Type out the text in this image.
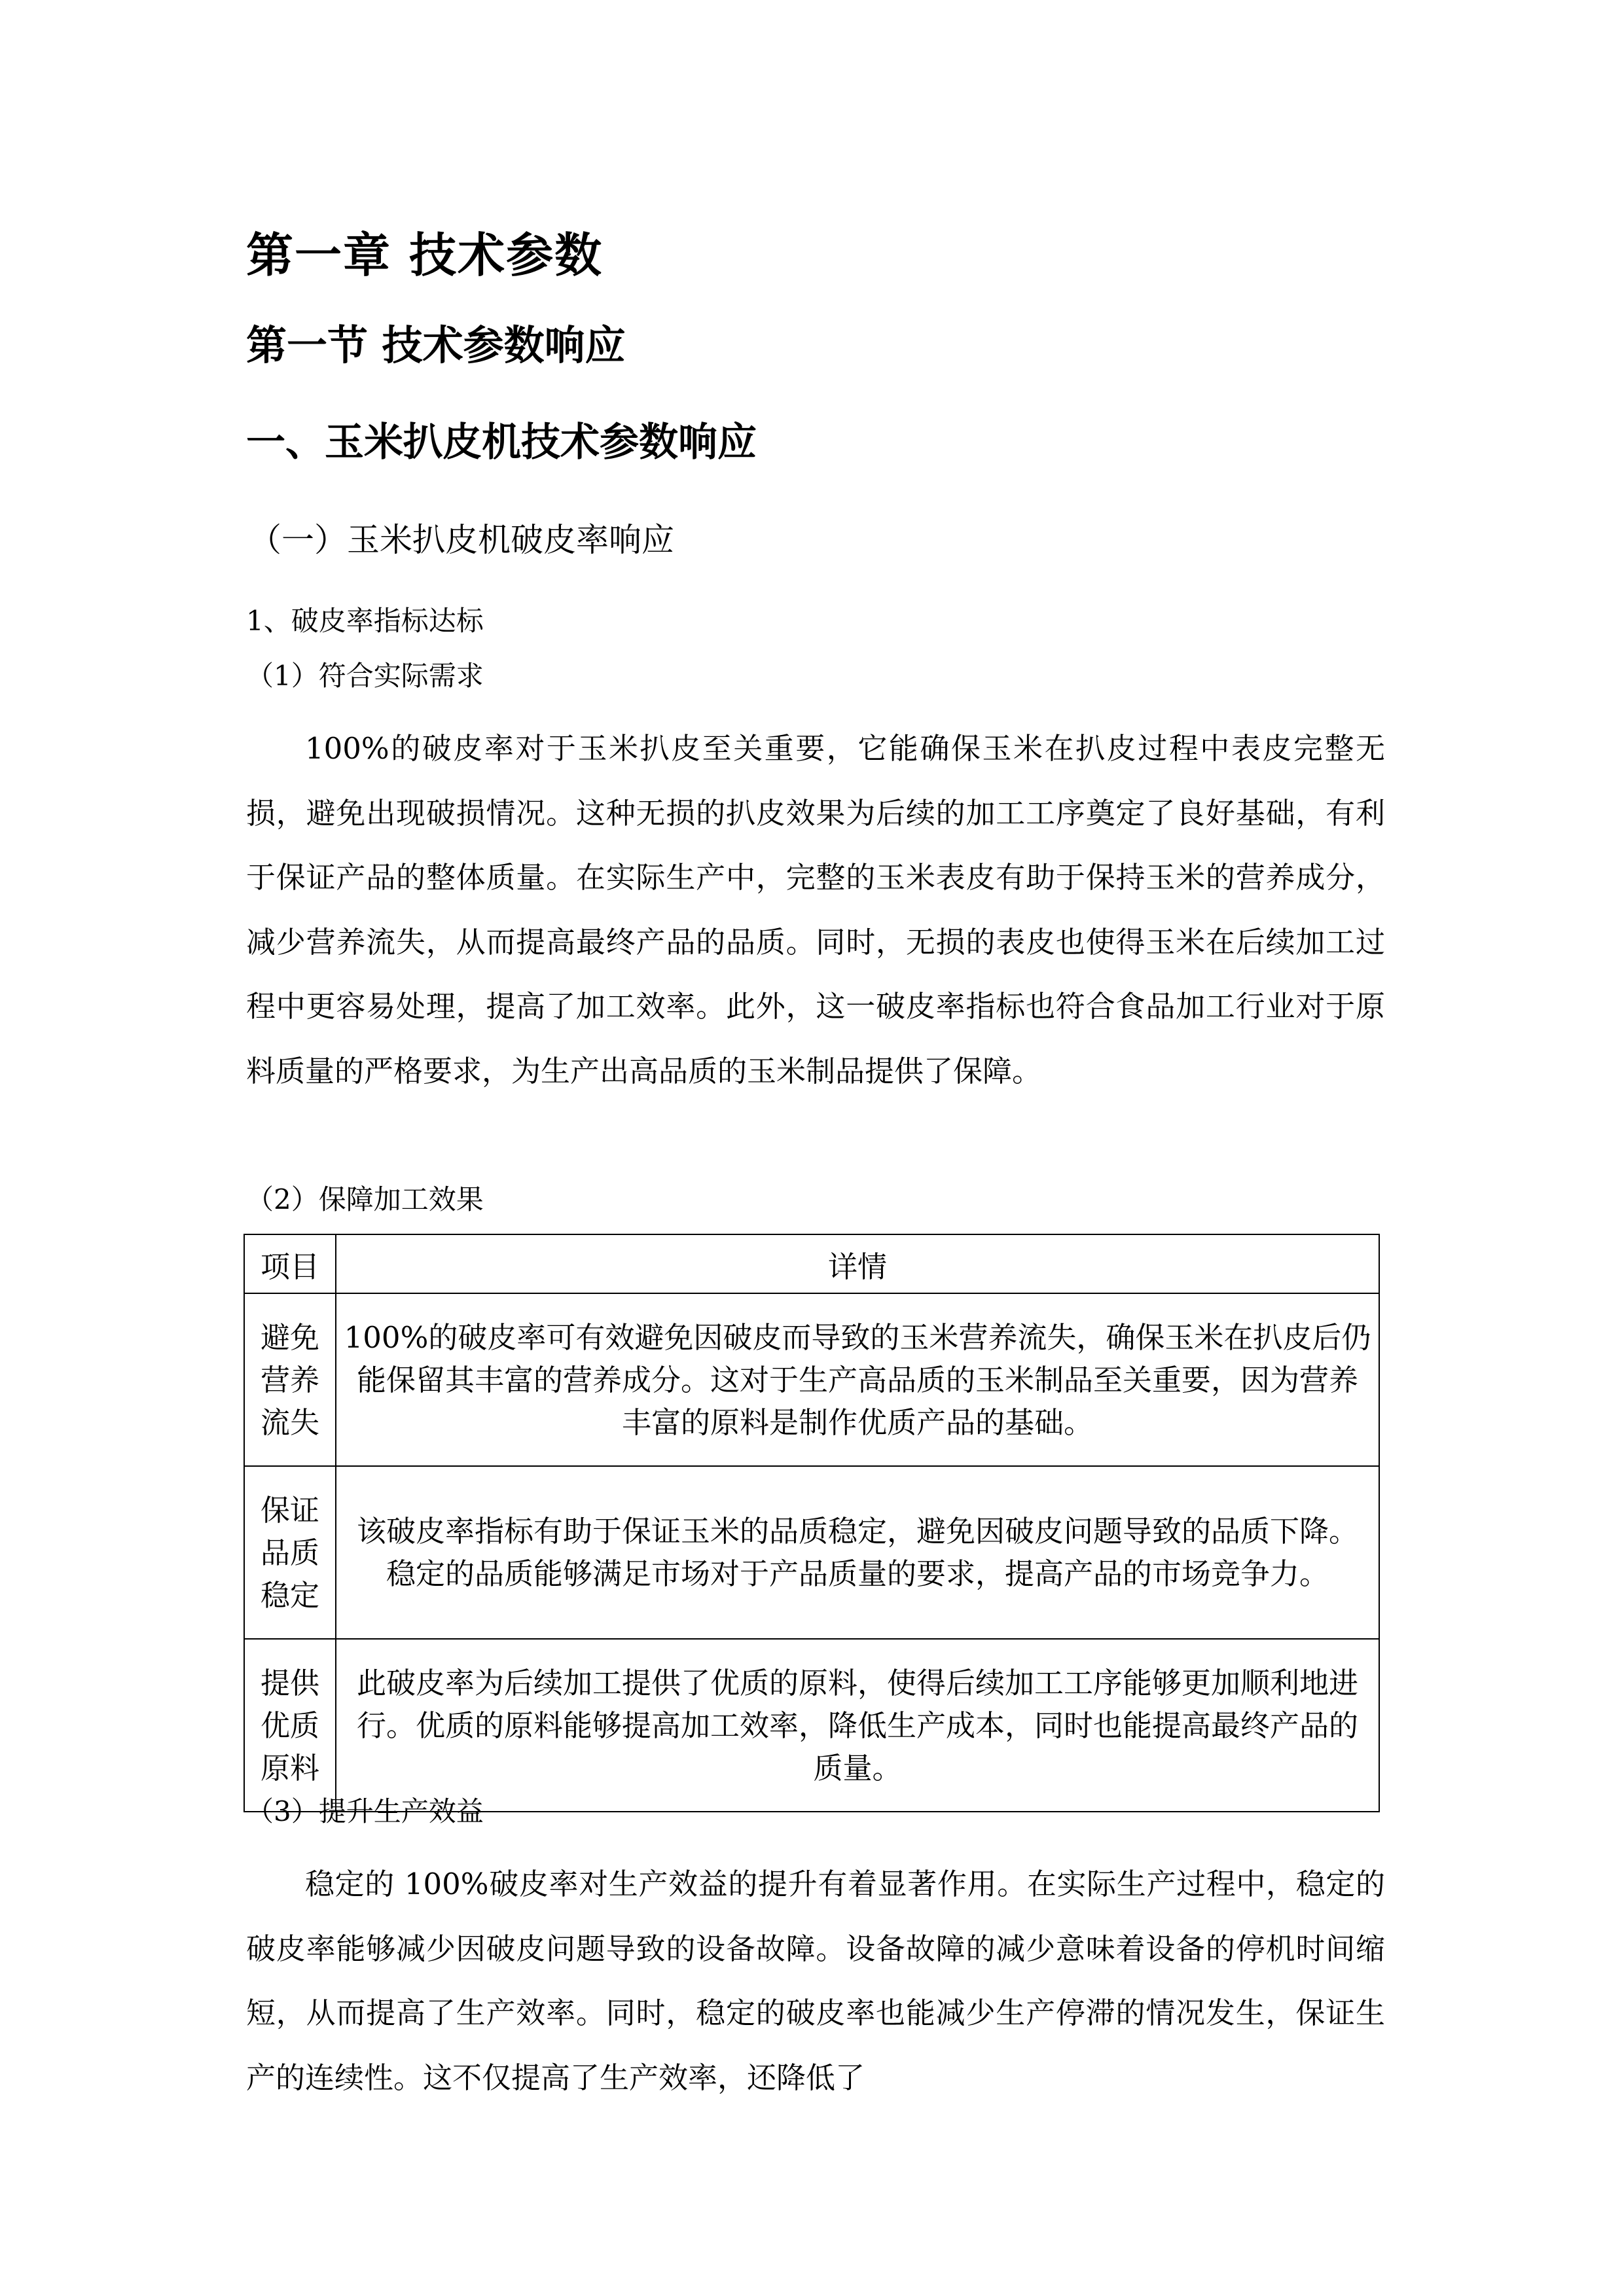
第一章 技术参数
第一节 技术参数响应
一、玉米扒皮机技术参数响应
（一）玉米扒皮机破皮率响应
1、破皮率指标达标
（1）符合实际需求

100%的破皮率对于玉米扒皮至关重要，它能确保玉米在扒皮过程中表皮完整无损，避免出现破损情况。这种无损的扒皮效果为后续的加工工序奠定了良好基础，有利于保证产品的整体质量。在实际生产中，完整的玉米表皮有助于保持玉米的营养成分，减少营养流失，从而提高最终产品的品质。同时，无损的表皮也使得玉米在后续加工过程中更容易处理，提高了加工效率。此外，这一破皮率指标也符合食品加工行业对于原料质量的严格要求，为生产出高品质的玉米制品提供了保障。

（2）保障加工效果
项目	详情
避免营养流失	100%的破皮率可有效避免因破皮而导致的玉米营养流失，确保玉米在扒皮后仍能保留其丰富的营养成分。这对于生产高品质的玉米制品至关重要，因为营养丰富的原料是制作优质产品的基础。
保证品质稳定	该破皮率指标有助于保证玉米的品质稳定，避免因破皮问题导致的品质下降。稳定的品质能够满足市场对于产品质量的要求，提高产品的市场竞争力。
提供优质原料	此破皮率为后续加工提供了优质的原料，使得后续加工工序能够更加顺利地进行。优质的原料能够提高加工效率，降低生产成本，同时也能提高最终产品的质量。
（3）提升生产效益

稳定的 100%破皮率对生产效益的提升有着显著作用。在实际生产过程中，稳定的破皮率能够减少因破皮问题导致的设备故障。设备故障的减少意味着设备的停机时间缩短，从而提高了生产效率。同时，稳定的破皮率也能减少生产停滞的情况发生，保证生产的连续性。这不仅提高了生产效率，还降低了
